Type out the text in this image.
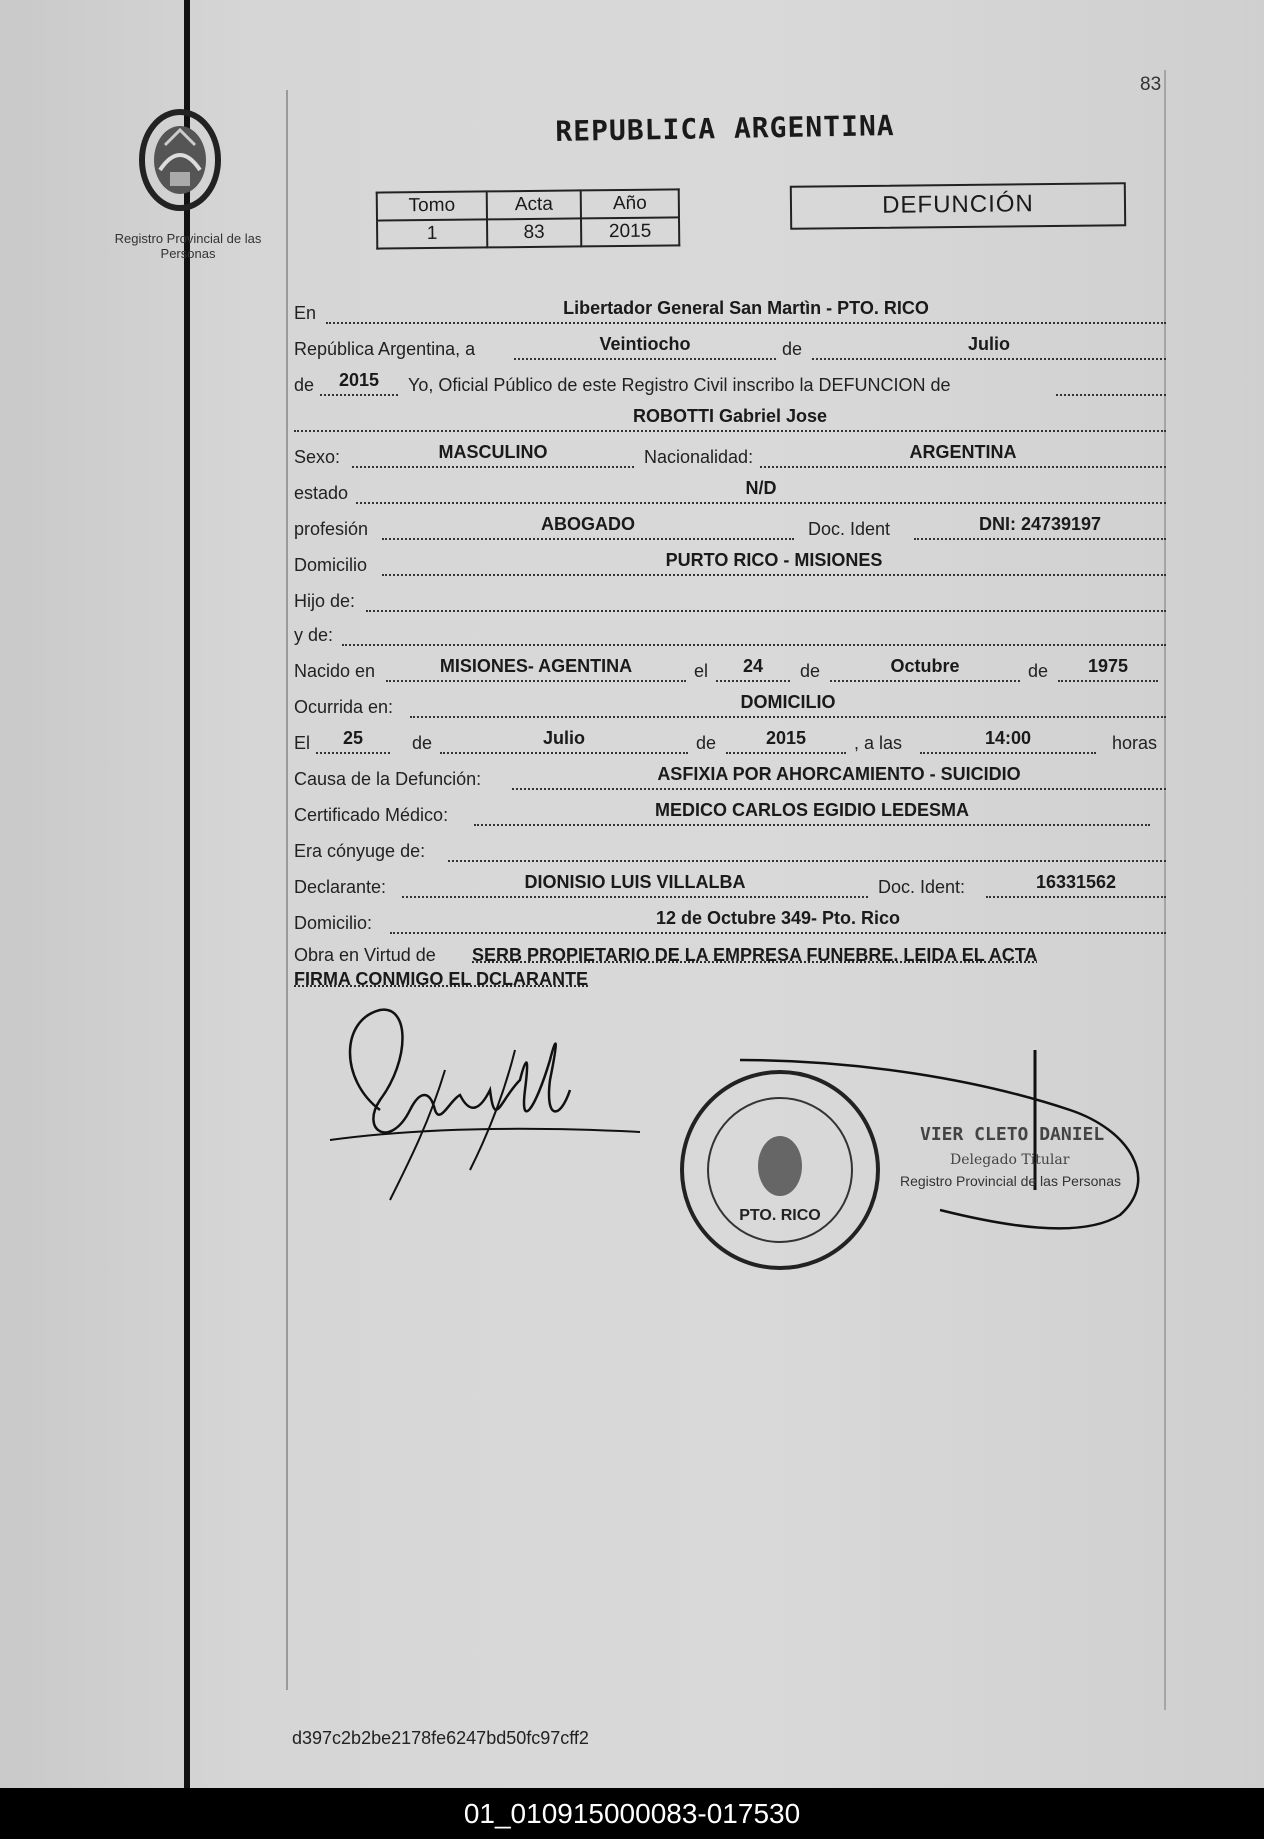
83
Registro Provincial de las Personas
REPUBLICA ARGENTINA
Tomo	Acta	Año
1	83	2015
DEFUNCIÓN
En	Libertador General San Martìn - PTO. RICO
República Argentina, a	Veintiocho	de	Julio
de	2015	Yo, Oficial Público de este Registro Civil inscribo la DEFUNCION de
ROBOTTI Gabriel Jose
Sexo:	MASCULINO	Nacionalidad:	ARGENTINA
estado	N/D
profesión	ABOGADO	Doc. Ident	DNI: 24739197
Domicilio	PURTO RICO - MISIONES
Hijo de:
y de:
Nacido en	MISIONES- AGENTINA	el	24	de	Octubre	de	1975
Ocurrida en:	DOMICILIO
El	25	de	Julio	de	2015	, a las	14:00	horas
Causa de la Defunción:	ASFIXIA POR AHORCAMIENTO - SUICIDIO
Certificado Médico:	MEDICO CARLOS EGIDIO LEDESMA
Era cónyuge de:
Declarante:	DIONISIO LUIS VILLALBA	Doc. Ident:	16331562
Domicilio:	12 de Octubre 349- Pto. Rico
Obra en Virtud de SERB PROPIETARIO DE LA EMPRESA FUNEBRE. LEIDA EL ACTA
FIRMA CONMIGO EL DCLARANTE
PTO. RICO
VIER CLETO DANIEL
Delegado Titular
Registro Provincial de las Personas
d397c2b2be2178fe6247bd50fc97cff2
01_010915000083-017530
